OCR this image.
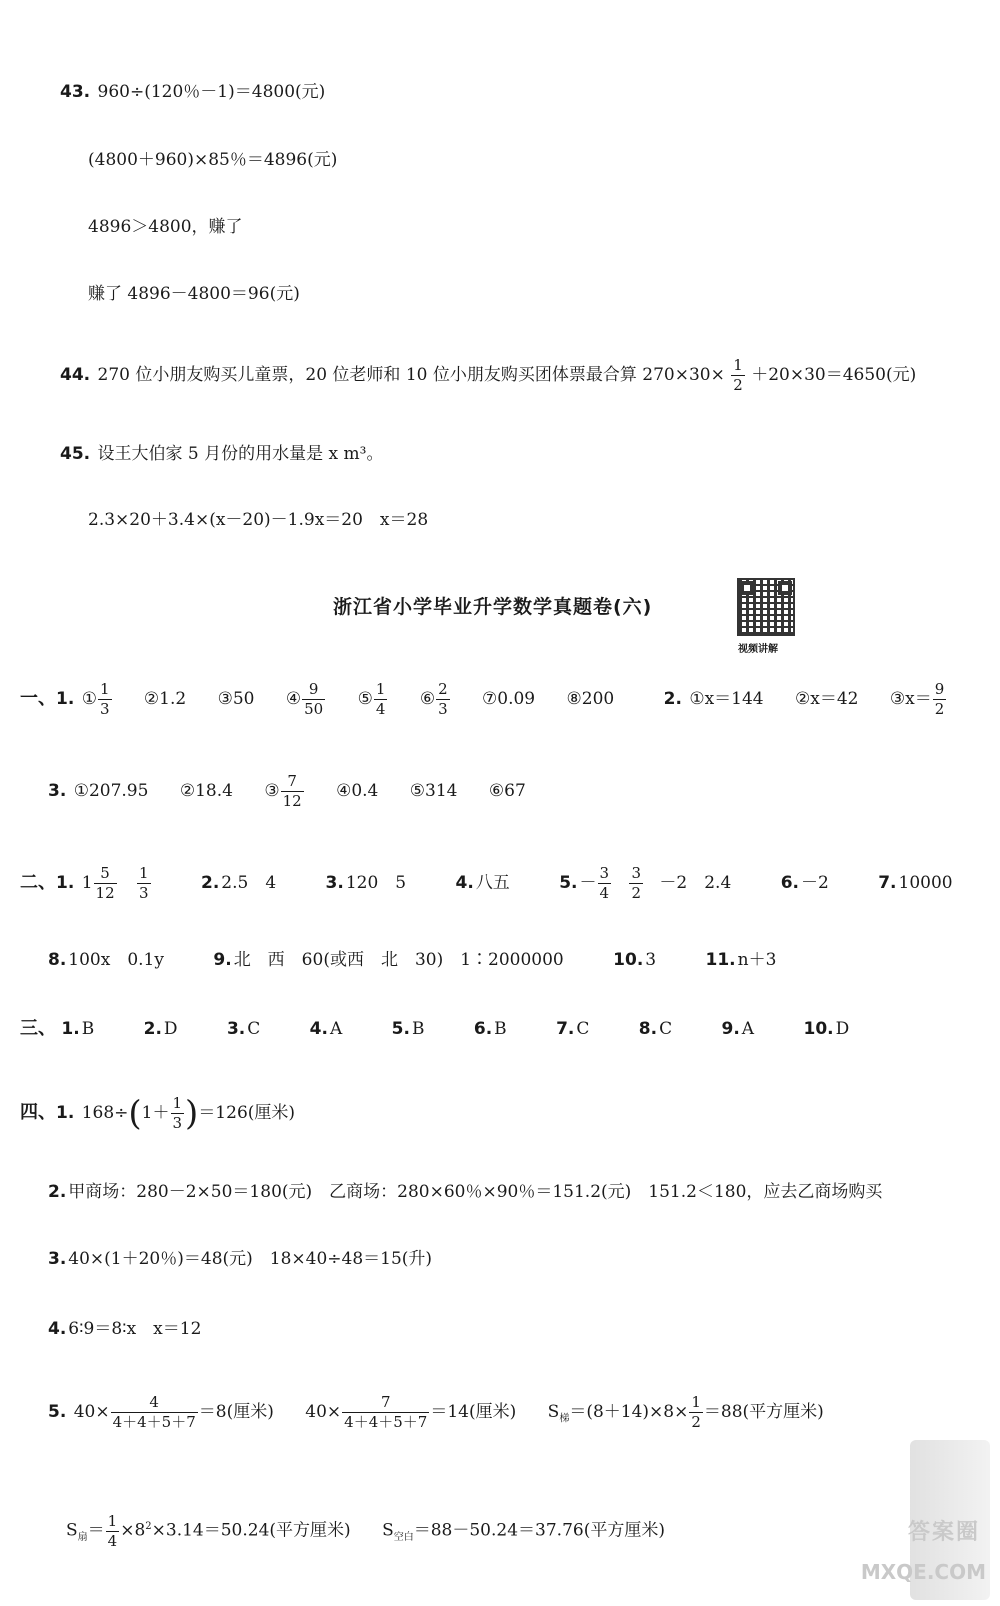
43. 960÷(120％－1)＝4800(元)
(4800＋960)×85％＝4896(元)
4896＞4800，赚了
赚了 4896－4800＝96(元)
44. 270 位小朋友购买儿童票，20 位老师和 10 位小朋友购买团体票最合算 $270\times 30\times \frac{1}{2} +20\times 30=4650$(元)
45. 设王大伯家 5 月份的用水量是 x m³。
2.3×20＋3.4×(x－20)－1.9x＝20　x＝28
浙江省小学毕业升学数学真题卷(六)
视频讲解
一、1. ① $\frac{1}{3}$ ②1.2 ③50 ④ $\frac{9}{50}$ ⑤ $\frac{1}{4}$ ⑥ $\frac{2}{3}$ ⑦0.09 ⑧200	2. ①x＝144 ②x＝42 ③x＝ $\frac{9}{2}$
3. ①207.95 ②18.4 ③ $\frac{7}{12}$ ④0.4 ⑤314 ⑥67
二、1. $1 \frac{5}{12}$
$\frac{1}{3}$	2. 2.5　4	3. 120　5	4. 八五	5. － $\frac{3}{4}$
$\frac{3}{2} -2$　2.4	6. －2	7. 10000
8. 100x　0.1y	9. 北　西　60(或西　北　30)　1∶2000000	10. 3	11. n＋3
三、 1. B	2. D	3. C	4. A	5. B	6. B	7. C	8. C	9. A	10. D
四、1. $168\div(1+ \frac{1}{3} )=126$(厘米)
2. 甲商场：280－2×50＝180(元)　乙商场：280×60％×90％＝151.2(元)　151.2＜180，应去乙商场购买
3. 40×(1＋20％)＝48(元)　18×40÷48＝15(升)
4. 6∶9＝8∶x　x＝12
5. $40\times \frac{4}{4+4+5+7} =8$(厘米) $40\times \frac{7}{4+4+5+7} =14$(厘米) $S_梯=(8+14)\times 8\times \frac{1}{2} =88$(平方厘米)
$S_扇= \frac{1}{4} \times 8^2\times 3.14=50.24$(平方厘米) $S_{空白}=88-50.24=37.76$(平方厘米)	答案圈
MXQE.COM
